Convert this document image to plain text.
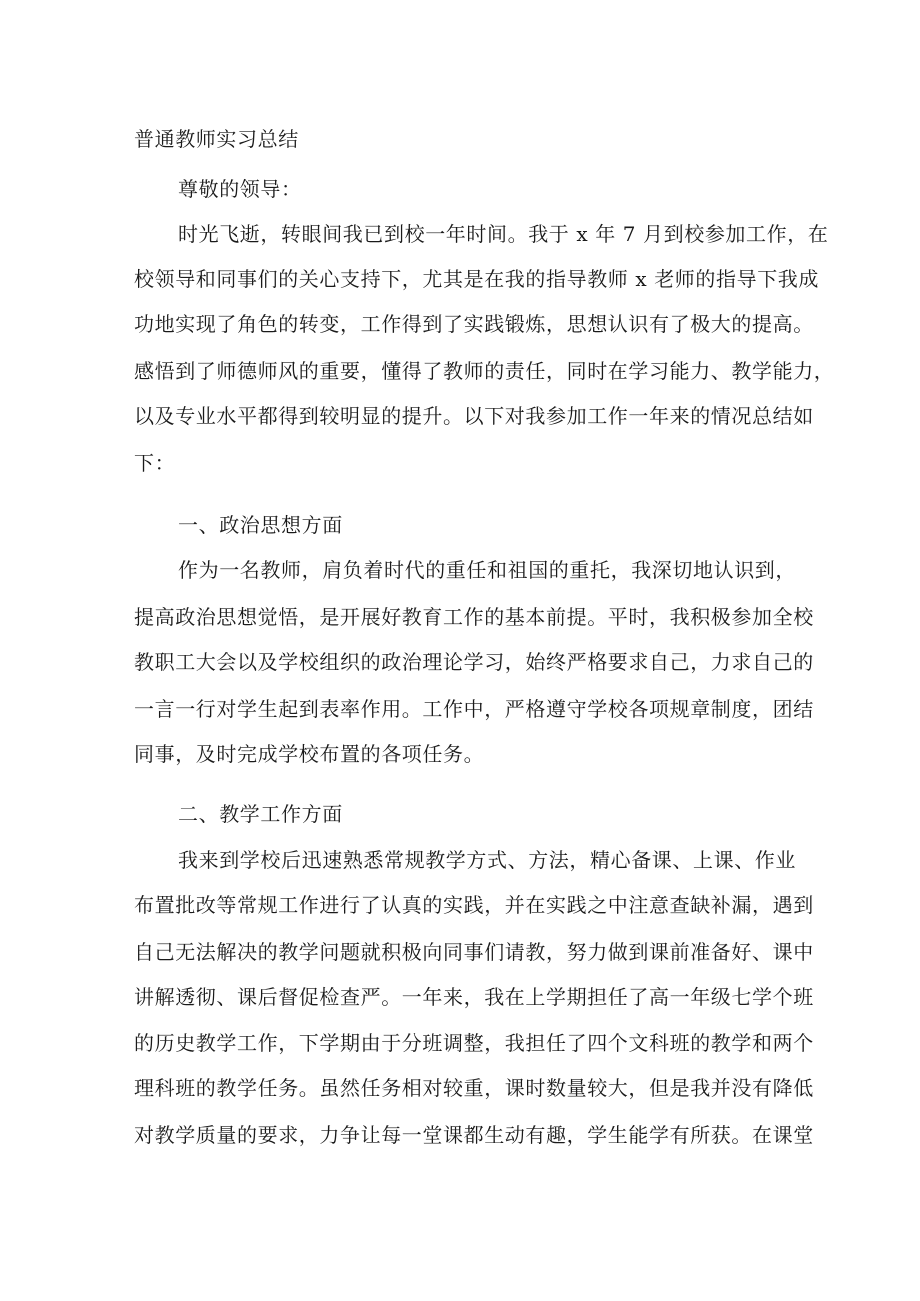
普通教师实习总结
尊敬的领导：
时光飞逝，转眼间我已到校一年时间。我于 x 年 7 月到校参加工作，在
校领导和同事们的关心支持下，尤其是在我的指导教师 x 老师的指导下我成
功地实现了角色的转变，工作得到了实践锻炼，思想认识有了极大的提高。
感悟到了师德师风的重要，懂得了教师的责任，同时在学习能力、教学能力，
以及专业水平都得到较明显的提升。以下对我参加工作一年来的情况总结如
下：
一、政治思想方面
作为一名教师，肩负着时代的重任和祖国的重托，我深切地认识到，
提高政治思想觉悟，是开展好教育工作的基本前提。平时，我积极参加全校
教职工大会以及学校组织的政治理论学习，始终严格要求自己，力求自己的
一言一行对学生起到表率作用。工作中，严格遵守学校各项规章制度，团结
同事，及时完成学校布置的各项任务。
二、教学工作方面
我来到学校后迅速熟悉常规教学方式、方法，精心备课、上课、作业
布置批改等常规工作进行了认真的实践，并在实践之中注意查缺补漏，遇到
自己无法解决的教学问题就积极向同事们请教，努力做到课前准备好、课中
讲解透彻、课后督促检查严。一年来，我在上学期担任了高一年级七学个班
的历史教学工作，下学期由于分班调整，我担任了四个文科班的教学和两个
理科班的教学任务。虽然任务相对较重，课时数量较大，但是我并没有降低
对教学质量的要求，力争让每一堂课都生动有趣，学生能学有所获。在课堂
